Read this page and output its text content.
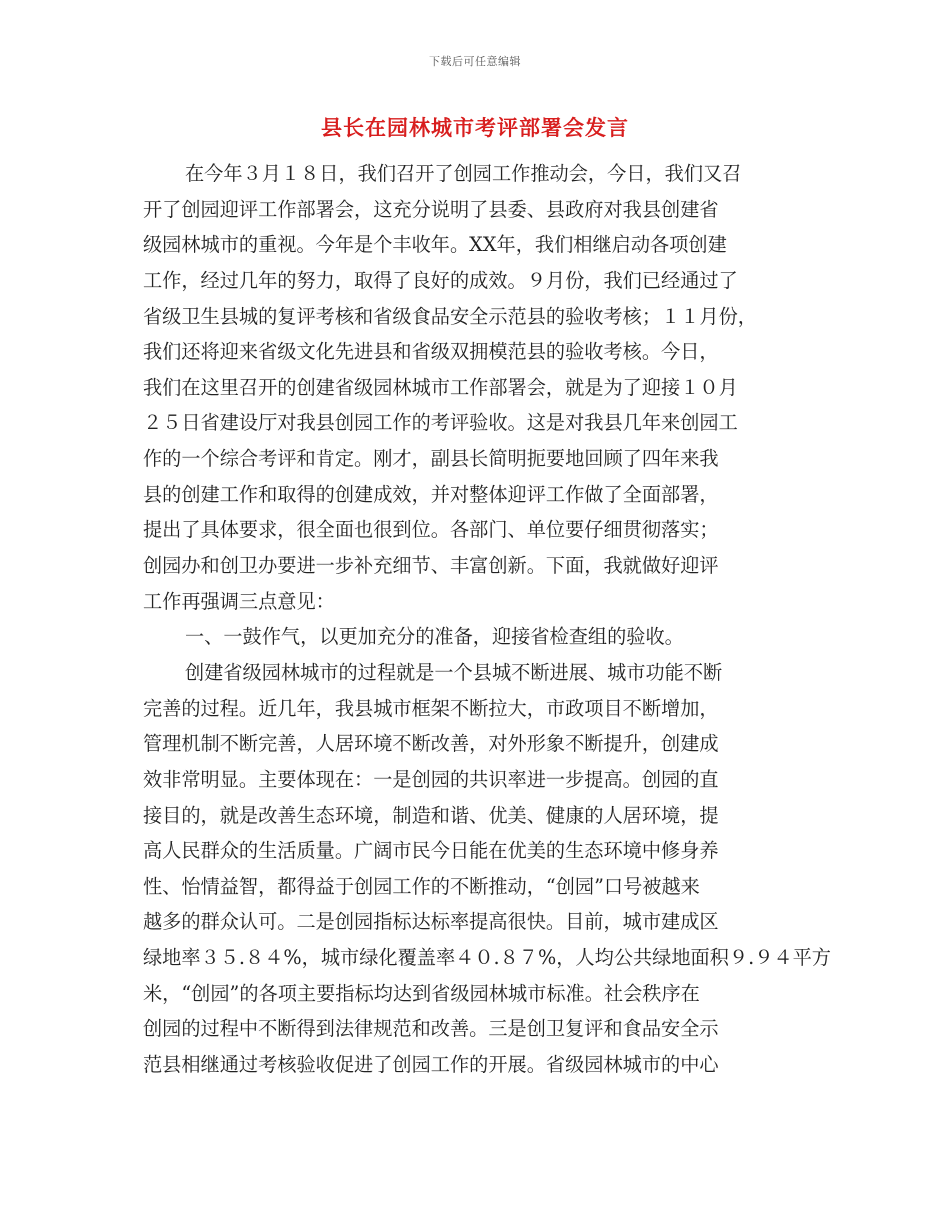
下载后可任意编辑
县长在园林城市考评部署会发言
在今年３月１８日，我们召开了创园工作推动会，今日，我们又召
开了创园迎评工作部署会，这充分说明了县委、县政府对我县创建省
级园林城市的重视。今年是个丰收年。XX年，我们相继启动各项创建
工作，经过几年的努力，取得了良好的成效。９月份，我们已经通过了
省级卫生县城的复评考核和省级食品安全示范县的验收考核；１１月份，
我们还将迎来省级文化先进县和省级双拥模范县的验收考核。今日，
我们在这里召开的创建省级园林城市工作部署会，就是为了迎接１０月
２５日省建设厅对我县创园工作的考评验收。这是对我县几年来创园工
作的一个综合考评和肯定。刚才，副县长简明扼要地回顾了四年来我
县的创建工作和取得的创建成效，并对整体迎评工作做了全面部署，
提出了具体要求，很全面也很到位。各部门、单位要仔细贯彻落实；
创园办和创卫办要进一步补充细节、丰富创新。下面，我就做好迎评
工作再强调三点意见：
一、一鼓作气，以更加充分的准备，迎接省检查组的验收。
创建省级园林城市的过程就是一个县城不断进展、城市功能不断
完善的过程。近几年，我县城市框架不断拉大，市政项目不断增加，
管理机制不断完善，人居环境不断改善，对外形象不断提升，创建成
效非常明显。主要体现在：一是创园的共识率进一步提高。创园的直
接目的，就是改善生态环境，制造和谐、优美、健康的人居环境，提
高人民群众的生活质量。广阔市民今日能在优美的生态环境中修身养
性、怡情益智，都得益于创园工作的不断推动，“创园”口号被越来
越多的群众认可。二是创园指标达标率提高很快。目前，城市建成区
绿地率３５.８４%，城市绿化覆盖率４０.８７%，人均公共绿地面积９.９４平方
米，“创园”的各项主要指标均达到省级园林城市标准。社会秩序在
创园的过程中不断得到法律规范和改善。三是创卫复评和食品安全示
范县相继通过考核验收促进了创园工作的开展。省级园林城市的中心
